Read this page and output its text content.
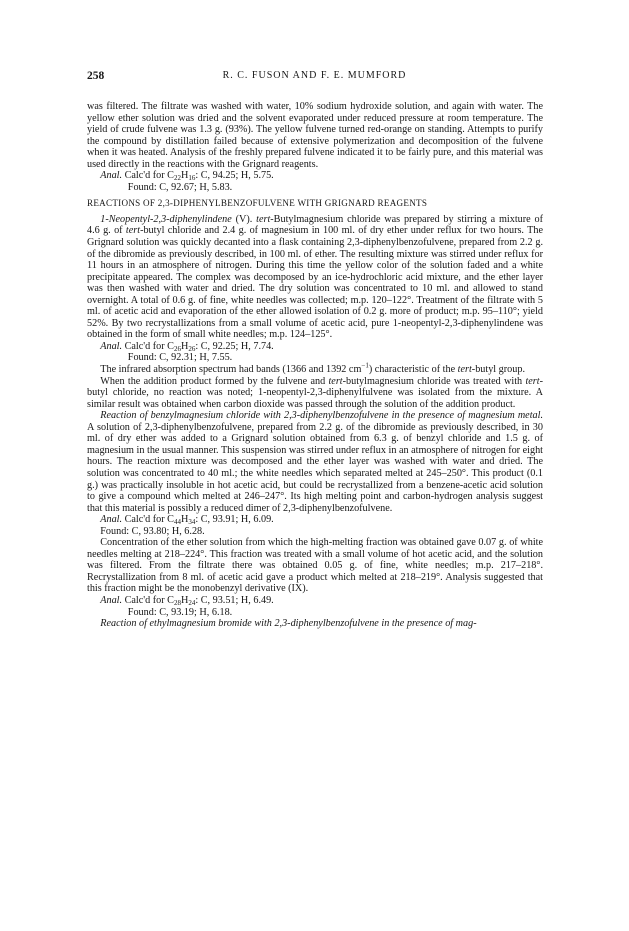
258	R. C. FUSON AND F. E. MUMFORD

was filtered. The filtrate was washed with water, 10% sodium hydroxide solution, and again with water. The yellow ether solution was dried and the solvent evaporated under reduced pressure at room temperature. The yield of crude fulvene was 1.3 g. (93%). The yellow fulvene turned red-orange on standing. Attempts to purify the compound by distillation failed because of extensive polymerization and decomposition of the fulvene when it was heated. Analysis of the freshly prepared fulvene indicated it to be fairly pure, and this material was used directly in the reactions with the Grignard reagents.

Anal. Calc'd for $C_{22}H_{16}$: C, 94.25; H, 5.75.

Found: C, 92.67; H, 5.83.

REACTIONS OF 2,3-DIPHENYLBENZOFULVENE WITH GRIGNARD REAGENTS

1-Neopentyl-2,3-diphenylindene (V). tert-Butylmagnesium chloride was prepared by stirring a mixture of 4.6 g. of tert-butyl chloride and 2.4 g. of magnesium in 100 ml. of dry ether under reflux for two hours. The Grignard solution was quickly decanted into a flask containing 2,3-diphenylbenzofulvene, prepared from 2.2 g. of the dibromide as previously described, in 100 ml. of ether. The resulting mixture was stirred under reflux for 11 hours in an atmosphere of nitrogen. During this time the yellow color of the solution faded and a white precipitate appeared. The complex was decomposed by an ice-hydrochloric acid mixture, and the ether layer was then washed with water and dried. The dry solution was concentrated to 10 ml. and allowed to stand overnight. A total of 0.6 g. of fine, white needles was collected; m.p. 120–122°. Treatment of the filtrate with 5 ml. of acetic acid and evaporation of the ether allowed isolation of 0.2 g. more of product; m.p. 95–110°; yield 52%. By two recrystallizations from a small volume of acetic acid, pure 1-neopentyl-2,3-diphenylindene was obtained in the form of small white needles; m.p. 124–125°.

Anal. Calc'd for $C_{26}H_{26}$: C, 92.25; H, 7.74.

Found: C, 92.31; H, 7.55.

The infrared absorption spectrum had bands (1366 and 1392 $cm^{-1}$) characteristic of the tert-butyl group.

When the addition product formed by the fulvene and tert-butylmagnesium chloride was treated with tert-butyl chloride, no reaction was noted; 1-neopentyl-2,3-diphenylfulvene was isolated from the mixture. A similar result was obtained when carbon dioxide was passed through the solution of the addition product.

Reaction of benzylmagnesium chloride with 2,3-diphenylbenzofulvene in the presence of magnesium metal. A solution of 2,3-diphenylbenzofulvene, prepared from 2.2 g. of the dibromide as previously described, in 30 ml. of dry ether was added to a Grignard solution obtained from 6.3 g. of benzyl chloride and 1.5 g. of magnesium in the usual manner. This suspension was stirred under reflux in an atmosphere of nitrogen for eight hours. The reaction mixture was decomposed and the ether layer was washed with water and dried. The solution was concentrated to 40 ml.; the white needles which separated melted at 245–250°. This product (0.1 g.) was practically insoluble in hot acetic acid, but could be recrystallized from a benzene-acetic acid solution to give a compound which melted at 246–247°. Its high melting point and carbon-hydrogen analysis suggest that this material is possibly a reduced dimer of 2,3-diphenylbenzofulvene.

Anal. Calc'd for $C_{44}H_{34}$: C, 93.91; H, 6.09.

Found: C, 93.80; H, 6.28.

Concentration of the ether solution from which the high-melting fraction was obtained gave 0.07 g. of white needles melting at 218–224°. This fraction was treated with a small volume of hot acetic acid, and the solution was filtered. From the filtrate there was obtained 0.05 g. of fine, white needles; m.p. 217–218°. Recrystallization from 8 ml. of acetic acid gave a product which melted at 218–219°. Analysis suggested that this fraction might be the monobenzyl derivative (IX).

Anal. Calc'd for $C_{28}H_{24}$: C, 93.51; H, 6.49.

Found: C, 93.19; H, 6.18.

Reaction of ethylmagnesium bromide with 2,3-diphenylbenzofulvene in the presence of mag-
